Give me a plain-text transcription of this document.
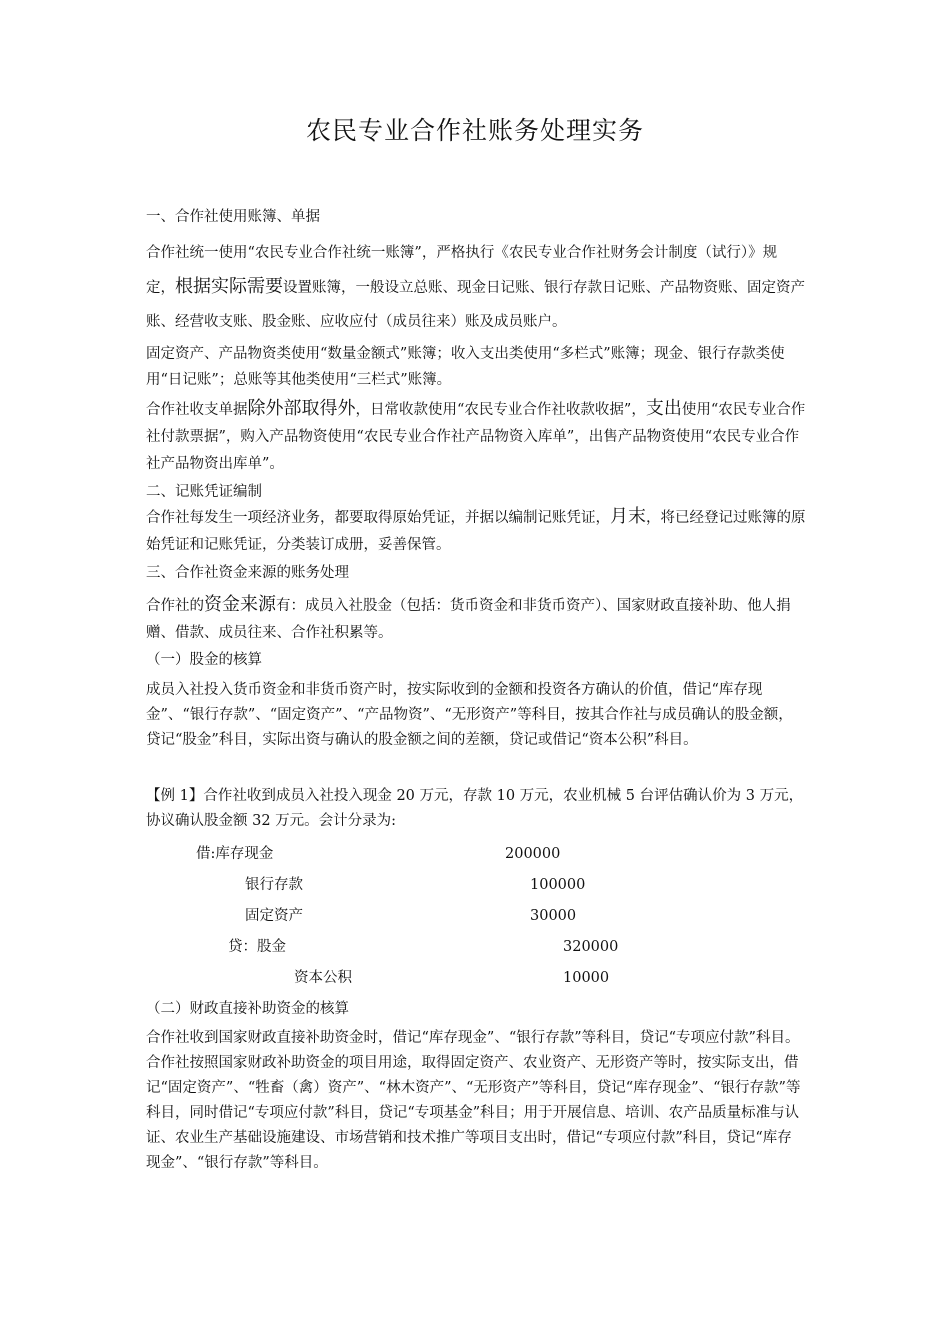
农民专业合作社账务处理实务

一、合作社使用账簿、单据

合作社统一使用“农民专业合作社统一账簿”，严格执行《农民专业合作社财务会计制度（试行）》规定，根据实际需要设置账簿，一般设立总账、现金日记账、银行存款日记账、产品物资账、固定资产账、经营收支账、股金账、应收应付（成员往来）账及成员账户。

固定资产、产品物资类使用“数量金额式”账簿；收入支出类使用“多栏式”账簿；现金、银行存款类使用“日记账”；总账等其他类使用“三栏式”账簿。

合作社收支单据除外部取得外，日常收款使用“农民专业合作社收款收据”，支出使用“农民专业合作社付款票据”，购入产品物资使用“农民专业合作社产品物资入库单”，出售产品物资使用“农民专业合作社产品物资出库单”。

二、记账凭证编制

合作社每发生一项经济业务，都要取得原始凭证，并据以编制记账凭证，月末，将已经登记过账簿的原始凭证和记账凭证，分类装订成册，妥善保管。

三、合作社资金来源的账务处理

合作社的资金来源有：成员入社股金（包括：货币资金和非货币资产）、国家财政直接补助、他人捐赠、借款、成员往来、合作社积累等。

（一）股金的核算

成员入社投入货币资金和非货币资产时，按实际收到的金额和投资各方确认的价值，借记“库存现金”、“银行存款”、“固定资产”、“产品物资”、“无形资产”等科目，按其合作社与成员确认的股金额，贷记“股金”科目，实际出资与确认的股金额之间的差额，贷记或借记“资本公积”科目。

【例 1】合作社收到成员入社投入现金 20 万元，存款 10 万元，农业机械 5 台评估确认价为 3 万元，协议确认股金额 32 万元。会计分录为:

借:库存现金	200000
银行存款	100000
固定资产	30000
贷：股金	320000
资本公积	10000

（二）财政直接补助资金的核算

合作社收到国家财政直接补助资金时，借记“库存现金”、“银行存款”等科目，贷记“专项应付款”科目。合作社按照国家财政补助资金的项目用途，取得固定资产、农业资产、无形资产等时，按实际支出，借记“固定资产”、“牲畜（禽）资产”、“林木资产”、“无形资产”等科目，贷记“库存现金”、“银行存款”等科目，同时借记“专项应付款”科目，贷记“专项基金”科目；用于开展信息、培训、农产品质量标准与认证、农业生产基础设施建设、市场营销和技术推广等项目支出时，借记“专项应付款”科目，贷记“库存现金”、“银行存款”等科目。
